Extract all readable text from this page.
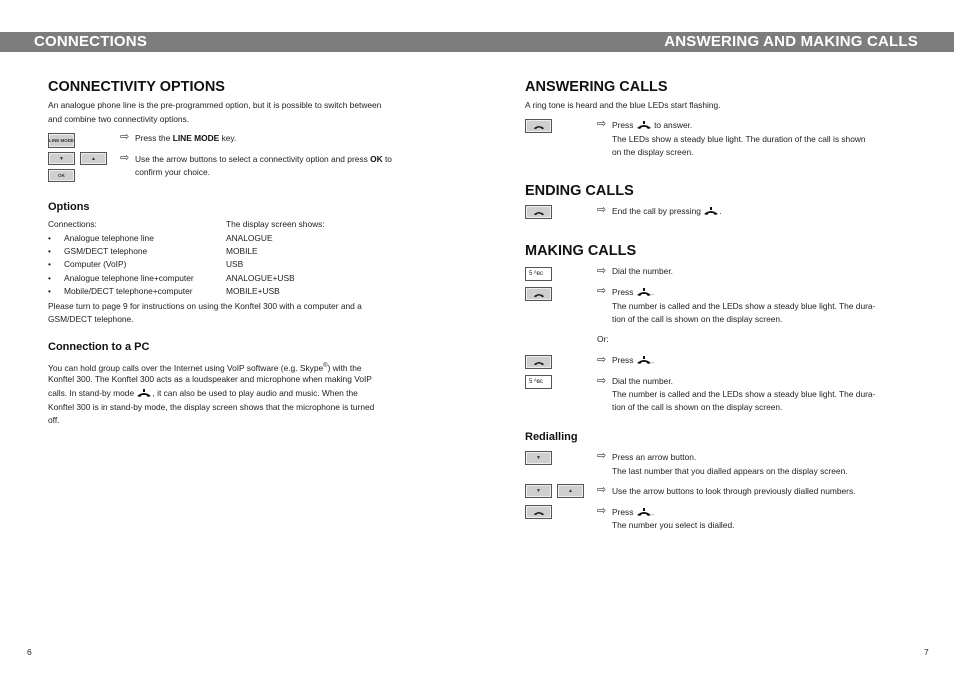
CONNECTIONS	ANSWERING AND MAKING CALLS
CONNECTIVITY OPTIONS
An analogue phone line is the pre-programmed option, but it is possible to switch between
and combine two connectivity options.
LINE MODE
▼	▲
OK
⇨ Press the LINE MODE key.
⇨ Use the arrow buttons to select a connectivity option and press OK to
confirm your choice.
Options
Connections:	The display screen shows:
• Analogue telephone line	ANALOGUE
• GSM/DECT telephone	MOBILE
• Computer (VoIP)	USB
• Analogue telephone line+computer	ANALOGUE+USB
• Mobile/DECT telephone+computer	MOBILE+USB
Please turn to page 9 for instructions on using the Konftel 300 with a computer and a
GSM/DECT telephone.
Connection to a PC
You can hold group calls over the Internet using VoIP software (e.g. Skype®) with the
Konftel 300. The Konftel 300 acts as a loudspeaker and microphone when making VoIP
calls. In stand-by mode , it can also be used to play audio and music. When the
Konftel 300 is in stand-by mode, the display screen shows that the microphone is turned
off.
6
ANSWERING CALLS
A ring tone is heard and the blue LEDs start flashing.
⇨ Press  to answer.
The LEDs show a steady blue light. The duration of the call is shown
on the display screen.
ENDING CALLS
⇨ End the call by pressing .
MAKING CALLS
5 ᴬʙᴄ	⇨ Dial the number.
⇨ Press .
The number is called and the LEDs show a steady blue light. The dura-
tion of the call is shown on the display screen.
Or:
⇨ Press .
5 ᴬʙᴄ	⇨ Dial the number.
The number is called and the LEDs show a steady blue light. The dura-
tion of the call is shown on the display screen.
Redialling
▼	⇨ Press an arrow button.
The last number that you dialled appears on the display screen.
▼	▲ ⇨ Use the arrow buttons to look through previously dialled numbers.
⇨ Press .
The number you select is dialled.
7
